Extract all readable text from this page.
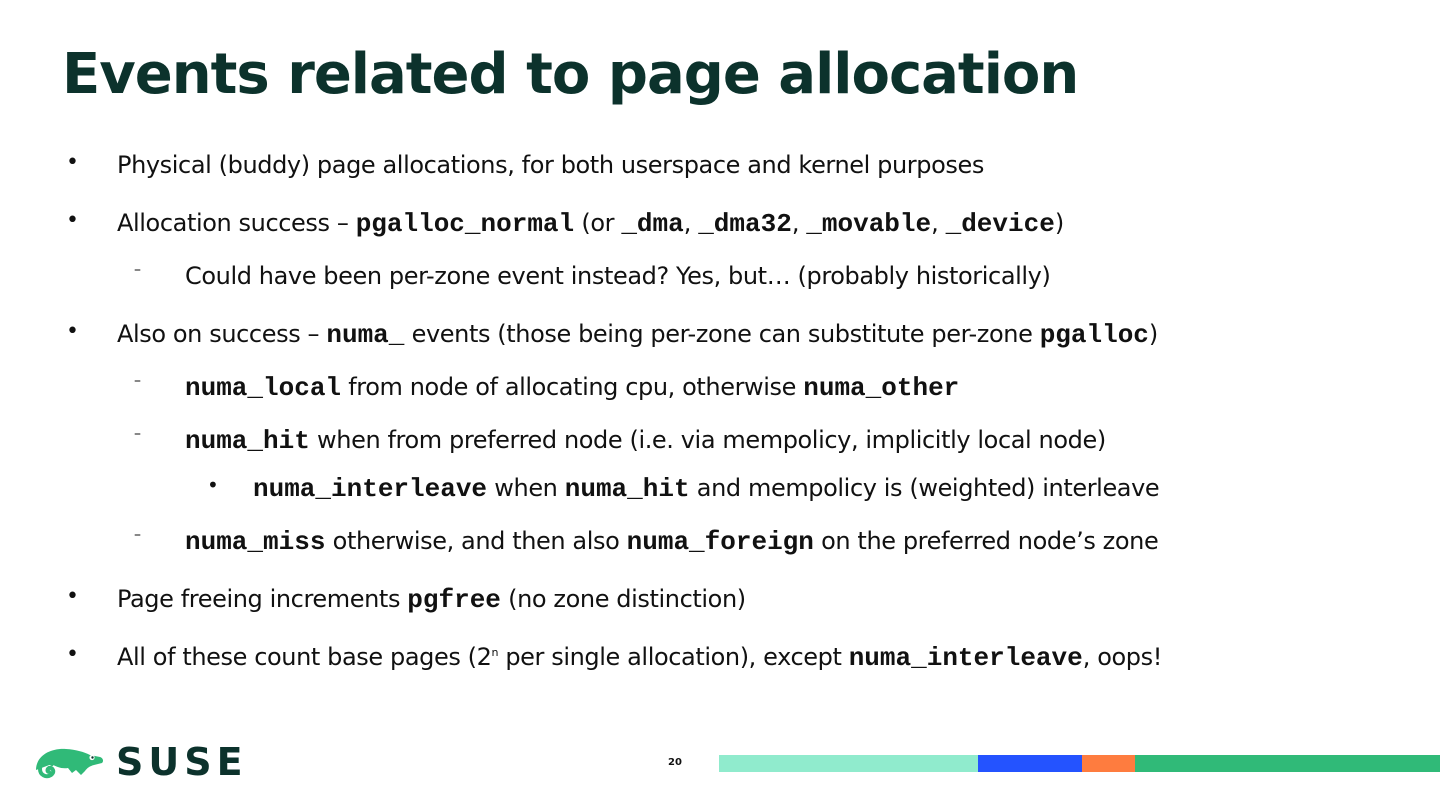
Events related to page allocation
• Physical (buddy) page allocations, for both userspace and kernel purposes
• Allocation success – pgalloc_normal (or _dma, _dma32, _movable, _device)
– Could have been per-zone event instead? Yes, but… (probably historically)
• Also on success – numa_ events (those being per-zone can substitute per-zone pgalloc)
– numa_local from node of allocating cpu, otherwise numa_other
– numa_hit when from preferred node (i.e. via mempolicy, implicitly local node)
• numa_interleave when numa_hit and mempolicy is (weighted) interleave
– numa_miss otherwise, and then also numa_foreign on the preferred node’s zone
• Page freeing increments pgfree (no zone distinction)
• All of these count base pages (2$^n$ per single allocation), except numa_interleave, oops!
SUSE	20
